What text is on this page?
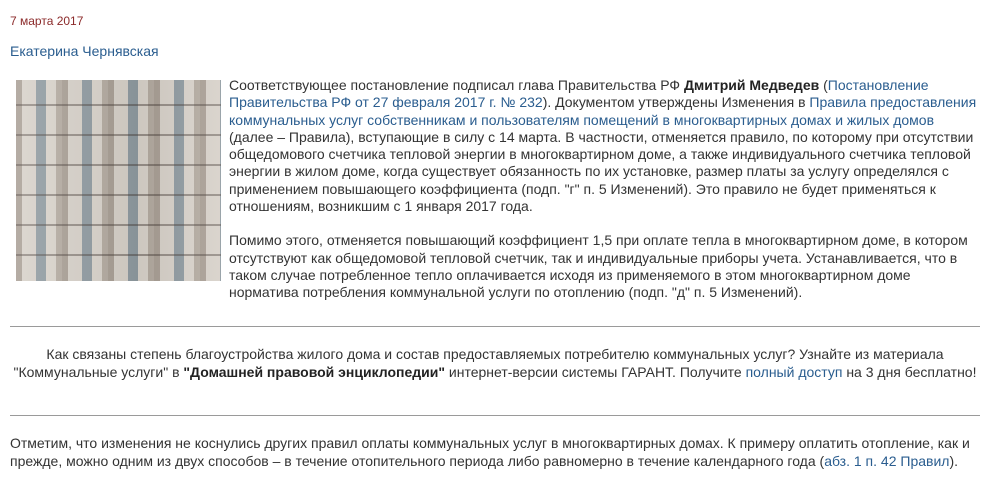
7 марта 2017
Екатерина Чернявская

Соответствующее постановление подписал глава Правительства РФ Дмитрий Медведев (Постановление Правительства РФ от 27 февраля 2017 г. № 232). Документом утверждены Изменения в Правила предоставления коммунальных услуг собственникам и пользователям помещений в многоквартирных домах и жилых домов (далее – Правила), вступающие в силу с 14 марта. В частности, отменяется правило, по которому при отсутствии общедомового счетчика тепловой энергии в многоквартирном доме, а также индивидуального счетчика тепловой энергии в жилом доме, когда существует обязанность по их установке, размер платы за услугу определялся с применением повышающего коэффициента (подп. "г" п. 5 Изменений). Это правило не будет применяться к отношениям, возникшим с 1 января 2017 года.

Помимо этого, отменяется повышающий коэффициент 1,5 при оплате тепла в многоквартирном доме, в котором отсутствуют как общедомовой тепловой счетчик, так и индивидуальные приборы учета. Устанавливается, что в таком случае потребленное тепло оплачивается исходя из применяемого в этом многоквартирном доме норматива потребления коммунальной услуги по отоплению (подп. "д" п. 5 Изменений).

Как связаны степень благоустройства жилого дома и состав предоставляемых потребителю коммунальных услуг? Узнайте из материала "Коммунальные услуги" в "Домашней правовой энциклопедии" интернет-версии системы ГАРАНТ. Получите полный доступ на 3 дня бесплатно!
Отметим, что изменения не коснулись других правил оплаты коммунальных услуг в многоквартирных домах. К примеру оплатить отопление, как и прежде, можно одним из двух способов – в течение отопительного периода либо равномерно в течение календарного года (абз. 1 п. 42 Правил).
